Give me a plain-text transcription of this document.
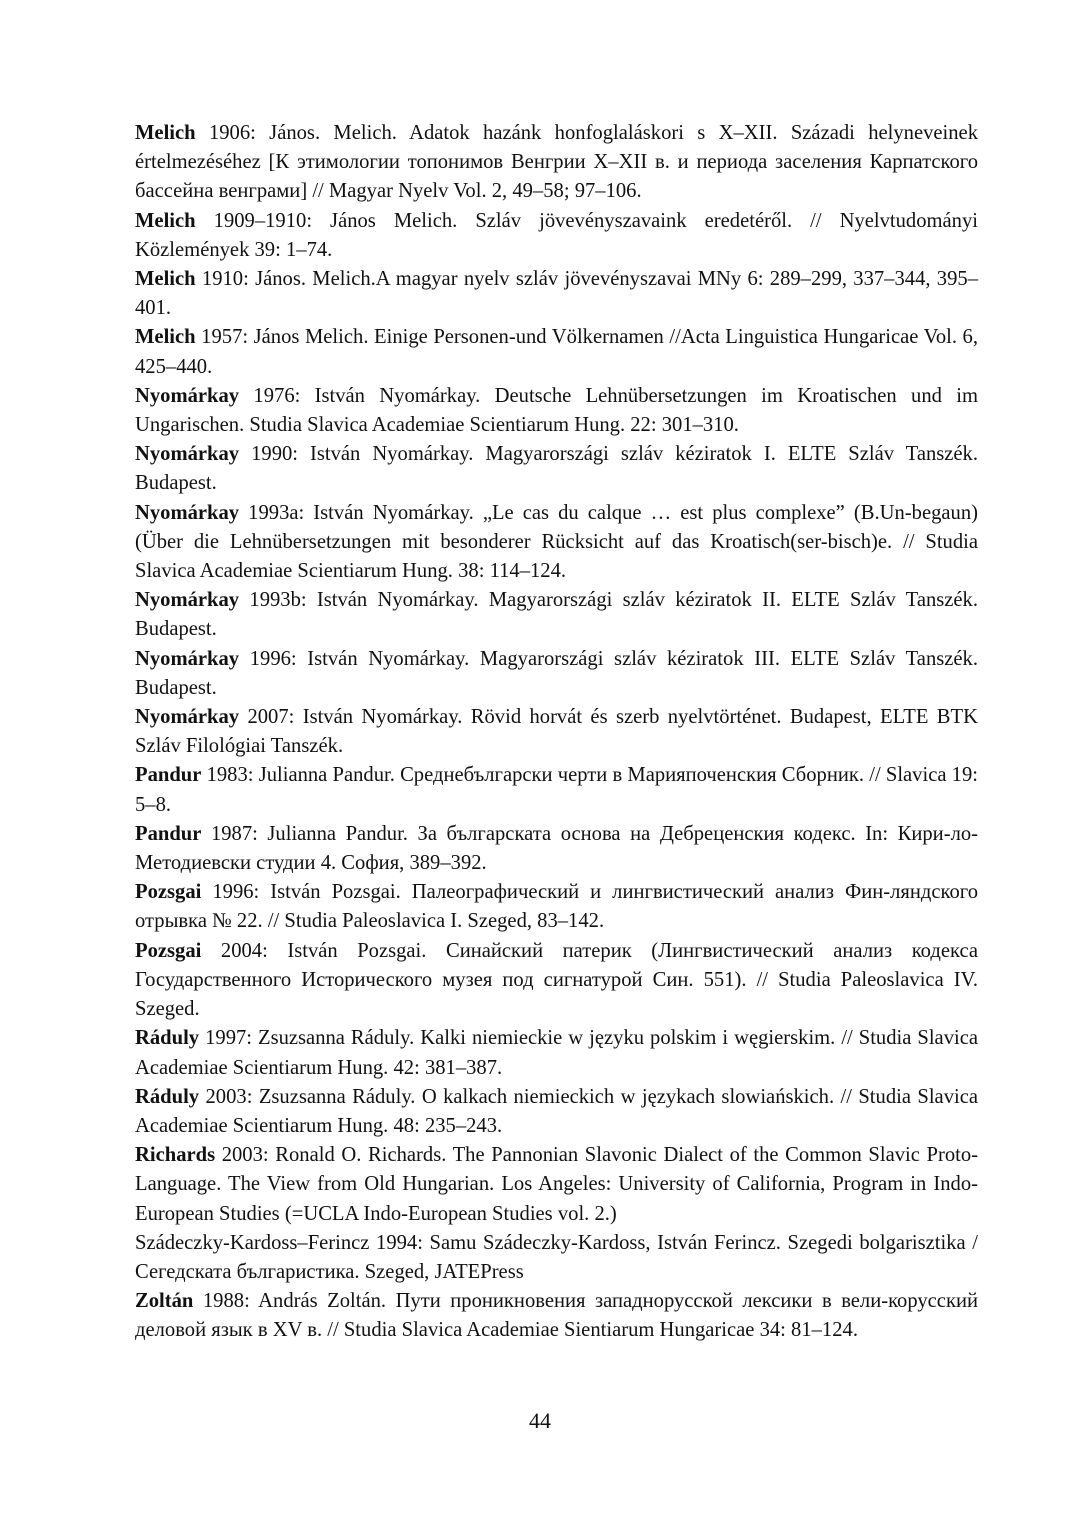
Melich 1906: János. Melich. Adatok hazánk honfoglaláskori s X–XII. Századi helyneveinek értelmezéséhez [К этимологии топонимов Венгрии X–XII в. и периода заселения Карпатского бассейна венграми] // Magyar Nyelv Vol. 2, 49–58; 97–106.
Melich 1909–1910: János Melich. Szláv jövevényszavaink eredetéről. // Nyelvtudományi Közlemények 39: 1–74.
Melich 1910: János. Melich.A magyar nyelv szláv jövevényszavai MNy 6: 289–299, 337–344, 395–401.
Melich 1957: János Melich. Einige Personen-und Völkernamen //Acta Linguistica Hungaricae Vol. 6, 425–440.
Nyomárkay 1976: István Nyomárkay. Deutsche Lehnübersetzungen im Kroatischen und im Ungarischen. Studia Slavica Academiae Scientiarum Hung. 22: 301–310.
Nyomárkay 1990: István Nyomárkay. Magyarországi szláv kéziratok I. ELTE Szláv Tanszék. Budapest.
Nyomárkay 1993a: István Nyomárkay. „Le cas du calque … est plus complexe” (B.Un-begaun) (Über die Lehnübersetzungen mit besonderer Rücksicht auf das Kroatisch(ser-bisch)e. // Studia Slavica Academiae Scientiarum Hung. 38: 114–124.
Nyomárkay 1993b: István Nyomárkay. Magyarországi szláv kéziratok II. ELTE Szláv Tanszék. Budapest.
Nyomárkay 1996: István Nyomárkay. Magyarországi szláv kéziratok III. ELTE Szláv Tanszék. Budapest.
Nyomárkay 2007: István Nyomárkay. Rövid horvát és szerb nyelvtörténet. Budapest, ELTE BTK Szláv Filológiai Tanszék.
Pandur 1983: Julianna Pandur. Среднебългарски черти в Марияпоченския Сборник. // Slavica 19: 5–8.
Pandur 1987: Julianna Pandur. За българската основа на Дебреценския кодекс. In: Кири-ло-Методиевски студии 4. София, 389–392.
Pozsgai 1996: István Pozsgai. Палеографический и лингвистический анализ Фин-ляндского отрывка № 22. // Studia Paleoslavica I. Szeged, 83–142.
Pozsgai 2004: István Pozsgai. Синайский патерик (Лингвистический анализ кодекса Государственного Исторического музея под сигнатурой Син. 551). // Studia Paleoslavica IV. Szeged.
Ráduly 1997: Zsuzsanna Ráduly. Kalki niemieckie w języku polskim i węgierskim. // Studia Slavica Academiae Scientiarum Hung. 42: 381–387.
Ráduly 2003: Zsuzsanna Ráduly. O kalkach niemieckich w językach slowiańskich. // Studia Slavica Academiae Scientiarum Hung. 48: 235–243.
Richards 2003: Ronald O. Richards. The Pannonian Slavonic Dialect of the Common Slavic Proto-Language. The View from Old Hungarian. Los Angeles: University of California, Program in Indo-European Studies (=UCLA Indo-European Studies vol. 2.)
Szádeczky-Kardoss–Ferincz 1994: Samu Szádeczky-Kardoss, István Ferincz. Szegedi bolgarisztika / Сегедската българистика. Szeged, JATEPress
Zoltán 1988: András Zoltán. Пути проникновения западнорусской лексики в вели-корусский деловой язык в XV в. // Studia Slavica Academiae Sientiarum Hungaricae 34: 81–124.
44
